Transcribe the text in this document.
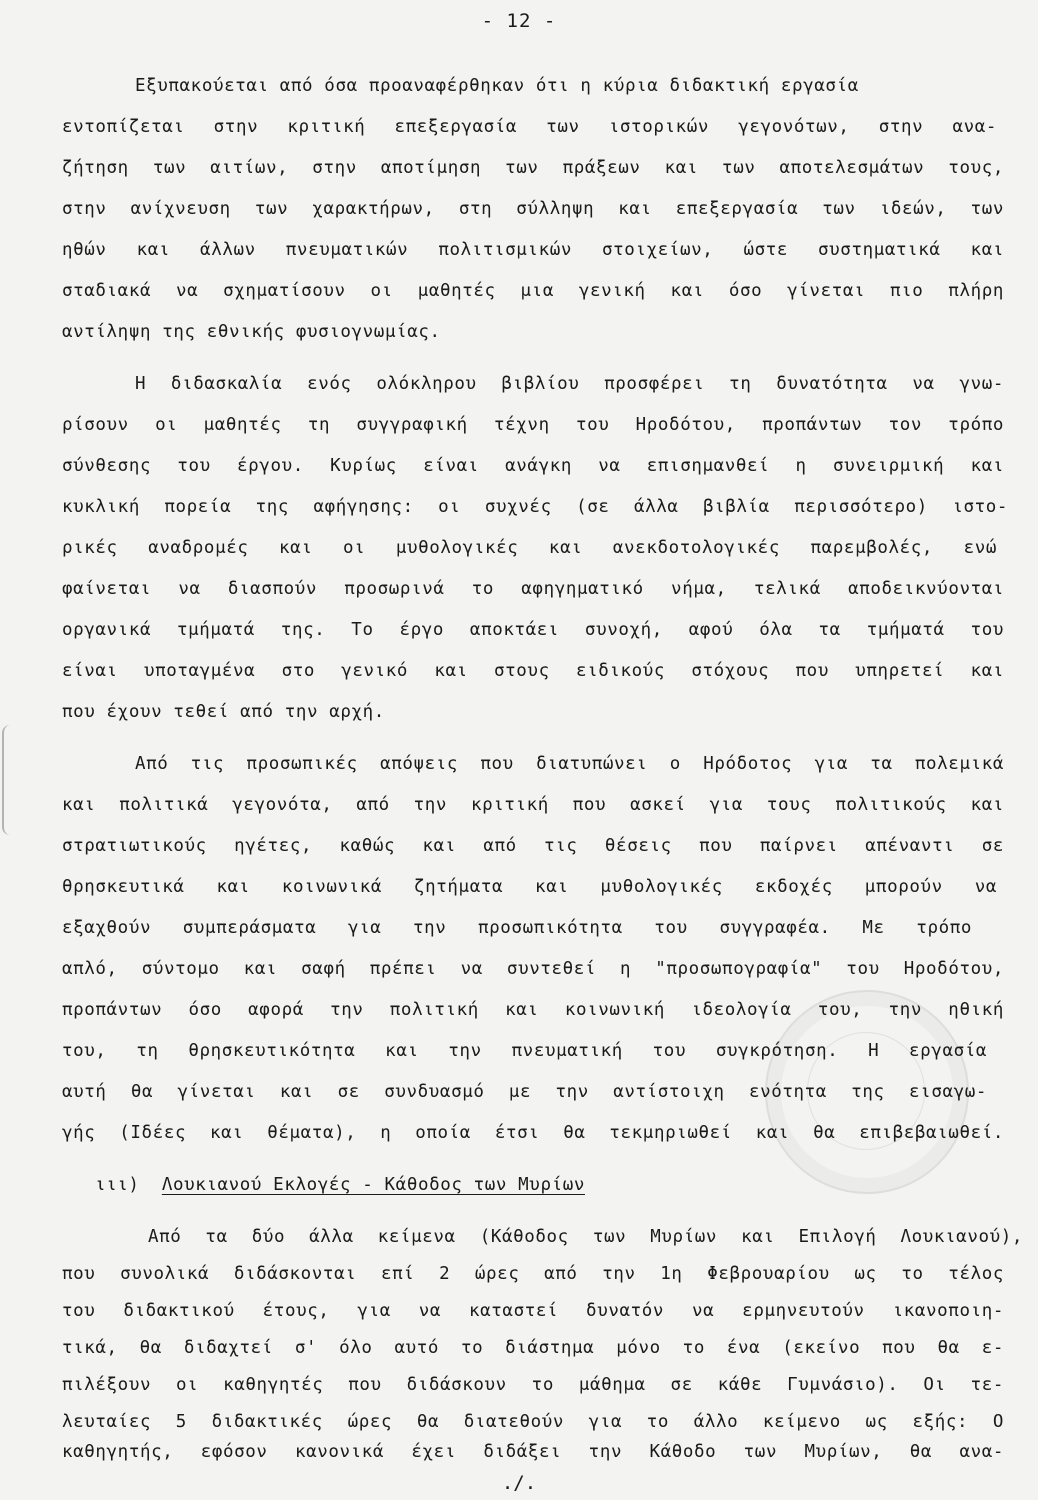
- 12 -
Εξυπακούεται από όσα προαναφέρθηκαν ότι η κύρια διδακτική εργασία
εντοπίζεται στην κριτική επεξεργασία των ιστορικών γεγονότων, στην ανα-
ζήτηση των αιτίων, στην αποτίμηση των πράξεων και των αποτελεσμάτων τους,
στην ανίχνευση των χαρακτήρων, στη σύλληψη και επεξεργασία των ιδεών, των
ηθών και άλλων πνευματικών πολιτισμικών στοιχείων, ώστε συστηματικά και
σταδιακά να σχηματίσουν οι μαθητές μια γενική και όσο γίνεται πιο πλήρη
αντίληψη της εθνικής φυσιογνωμίας.
Η διδασκαλία ενός ολόκληρου βιβλίου προσφέρει τη δυνατότητα να γνω-
ρίσουν οι μαθητές τη συγγραφική τέχνη του Ηροδότου, προπάντων τον τρόπο
σύνθεσης του έργου. Κυρίως είναι ανάγκη να επισημανθεί η συνειρμική και
κυκλική πορεία της αφήγησης: οι συχνές (σε άλλα βιβλία περισσότερο) ιστο-
ρικές αναδρομές και οι μυθολογικές και ανεκδοτολογικές παρεμβολές, ενώ
φαίνεται να διασπούν προσωρινά το αφηγηματικό νήμα, τελικά αποδεικνύονται
οργανικά τμήματά της. Το έργο αποκτάει συνοχή, αφού όλα τα τμήματά του
είναι υποταγμένα στο γενικό και στους ειδικούς στόχους που υπηρετεί και
που έχουν τεθεί από την αρχή.
Από τις προσωπικές απόψεις που διατυπώνει ο Ηρόδοτος για τα πολεμικά
και πολιτικά γεγονότα, από την κριτική που ασκεί για τους πολιτικούς και
στρατιωτικούς ηγέτες, καθώς και από τις θέσεις που παίρνει απέναντι σε
θρησκευτικά και κοινωνικά ζητήματα και μυθολογικές εκδοχές μπορούν να
εξαχθούν συμπεράσματα για την προσωπικότητα του συγγραφέα. Με τρόπο
απλό, σύντομο και σαφή πρέπει να συντεθεί η "προσωπογραφία" του Ηροδότου,
προπάντων όσο αφορά την πολιτική και κοινωνική ιδεολογία του, την ηθική
του, τη θρησκευτικότητα και την πνευματική του συγκρότηση. Η εργασία
αυτή θα γίνεται και σε συνδυασμό με την αντίστοιχη ενότητα της εισαγω-
γής (Ιδέες και θέματα), η οποία έτσι θα τεκμηριωθεί και θα επιβεβαιωθεί.
ιιι) Λουκιανού Εκλογές - Κάθοδος των Μυρίων
Από τα δύο άλλα κείμενα (Κάθοδος των Μυρίων και Επιλογή Λουκιανού),
που συνολικά διδάσκονται επί 2 ώρες από την 1η Φεβρουαρίου ως το τέλος
του διδακτικού έτους, για να καταστεί δυνατόν να ερμηνευτούν ικανοποιη-
τικά, θα διδαχτεί σ' όλο αυτό το διάστημα μόνο το ένα (εκείνο που θα ε-
πιλέξουν οι καθηγητές που διδάσκουν το μάθημα σε κάθε Γυμνάσιο). Οι τε-
λευταίες 5 διδακτικές ώρες θα διατεθούν για το άλλο κείμενο ως εξής: Ο
καθηγητής, εφόσον κανονικά έχει διδάξει την Κάθοδο των Μυρίων, θα ανα-
./.
